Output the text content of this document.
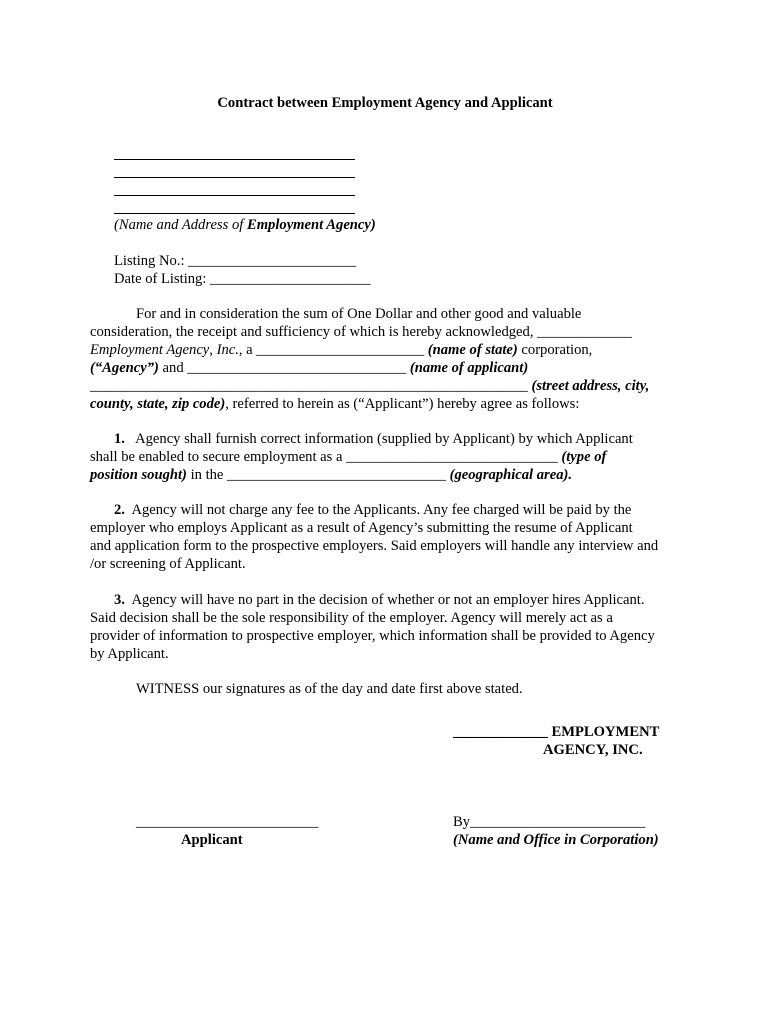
Contract between Employment Agency and Applicant
(Name and Address of Employment Agency)
Listing No.: _______________________
Date of Listing: ______________________

For and in consideration the sum of One Dollar and other good and valuable

consideration, the receipt and sufficiency of which is hereby acknowledged, _____________

Employment Agency, Inc., a _______________________ (name of state) corporation,

(“Agency”) and ______________________________ (name of applicant)

____________________________________________________________ (street address, city,

county, state, zip code), referred to herein as (“Applicant”) hereby agree as follows:

1.   Agency shall furnish correct information (supplied by Applicant) by which Applicant

shall be enabled to secure employment as a _____________________________ (type of

position sought) in the ______________________________ (geographical area).

2.  Agency will not charge any fee to the Applicants. Any fee charged will be paid by the

employer who employs Applicant as a result of Agency’s submitting the resume of Applicant

and application form to the prospective employers. Said employers will handle any interview and

/or screening of Applicant.

3.  Agency will have no part in the decision of whether or not an employer hires Applicant.

Said decision shall be the sole responsibility of the employer. Agency will merely act as a

provider of information to prospective employer, which information shall be provided to Agency

by Applicant.

WITNESS our signatures as of the day and date first above stated.
_____________ EMPLOYMENT
AGENCY, INC.
_________________________
Applicant
By________________________
(Name and Office in Corporation)
